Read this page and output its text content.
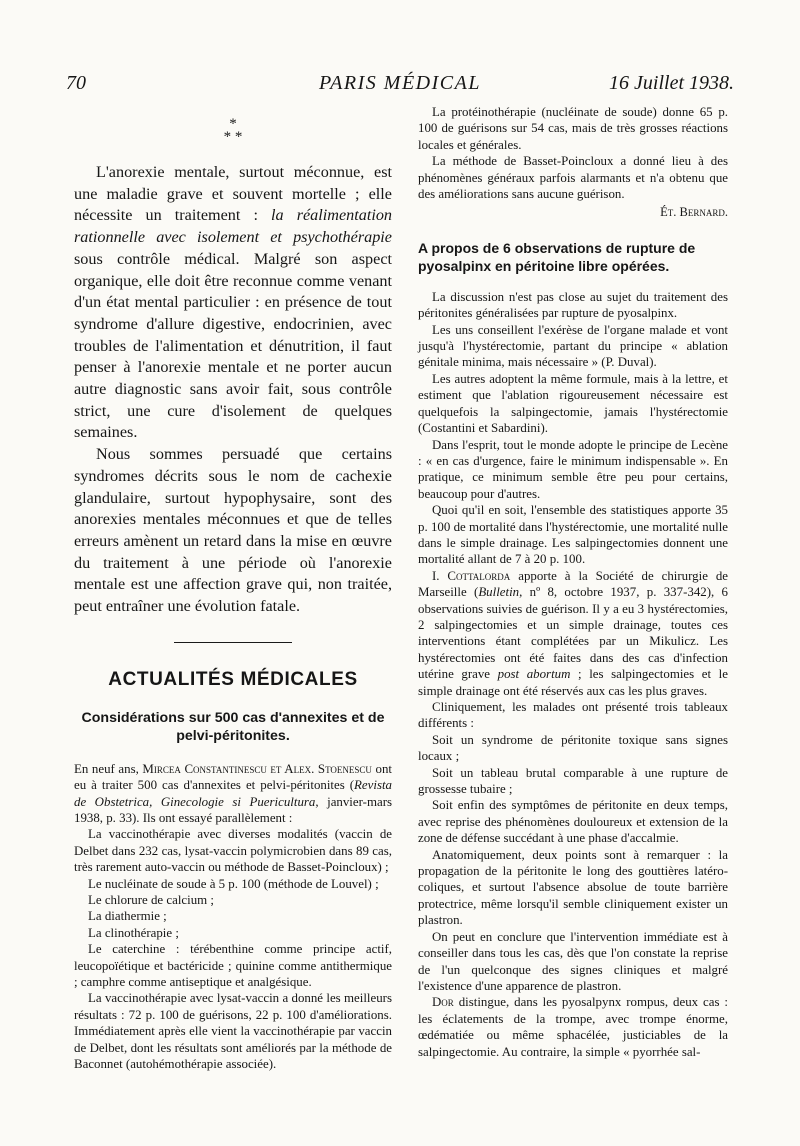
70	PARIS MÉDICAL	16 Juillet 1938.
*
* *

L'anorexie mentale, surtout méconnue, est une maladie grave et souvent mortelle ; elle nécessite un traitement : la réalimentation rationnelle avec isolement et psychothérapie sous contrôle médical. Malgré son aspect organique, elle doit être reconnue comme venant d'un état mental particulier : en présence de tout syndrome d'allure digestive, endocrinien, avec troubles de l'alimentation et dénutrition, il faut penser à l'anorexie mentale et ne porter aucun autre diagnostic sans avoir fait, sous contrôle strict, une cure d'isolement de quelques semaines.

Nous sommes persuadé que certains syndromes décrits sous le nom de cachexie glandulaire, surtout hypophysaire, sont des anorexies mentales méconnues et que de telles erreurs amènent un retard dans la mise en œuvre du traitement à une période où l'anorexie mentale est une affection grave qui, non traitée, peut entraîner une évolution fatale.

ACTUALITÉS MÉDICALES
Considérations sur 500 cas d'annexites et de pelvi-péritonites.

En neuf ans, Mircea Constantinescu et Alex. Stoenescu ont eu à traiter 500 cas d'annexites et pelvi-péritonites (Revista de Obstetrica, Ginecologie si Puericultura, janvier-mars 1938, p. 33). Ils ont essayé parallèlement :

La vaccinothérapie avec diverses modalités (vaccin de Delbet dans 232 cas, lysat-vaccin polymicrobien dans 89 cas, très rarement auto-vaccin ou méthode de Basset-Poincloux) ;

Le nucléinate de soude à 5 p. 100 (méthode de Louvel) ;

Le chlorure de calcium ;

La diathermie ;

La clinothérapie ;

Le caterchine : térébenthine comme principe actif, leucopoïétique et bactéricide ; quinine comme antithermique ; camphre comme antiseptique et analgésique.

La vaccinothérapie avec lysat-vaccin a donné les meilleurs résultats : 72 p. 100 de guérisons, 22 p. 100 d'améliorations. Immédiatement après elle vient la vaccinothérapie par vaccin de Delbet, dont les résultats sont améliorés par la méthode de Baconnet (autohémothérapie associée).

La protéinothérapie (nucléinate de soude) donne 65 p. 100 de guérisons sur 54 cas, mais de très grosses réactions locales et générales.

La méthode de Basset-Poincloux a donné lieu à des phénomènes généraux parfois alarmants et n'a obtenu que des améliorations sans aucune guérison.

Ét. Bernard.

A propos de 6 observations de rupture de pyosalpinx en péritoine libre opérées.

La discussion n'est pas close au sujet du traitement des péritonites généralisées par rupture de pyosalpinx.

Les uns conseillent l'exérèse de l'organe malade et vont jusqu'à l'hystérectomie, partant du principe « ablation génitale minima, mais nécessaire » (P. Duval).

Les autres adoptent la même formule, mais à la lettre, et estiment que l'ablation rigoureusement nécessaire est quelquefois la salpingectomie, jamais l'hystérectomie (Costantini et Sabardini).

Dans l'esprit, tout le monde adopte le principe de Lecène : « en cas d'urgence, faire le minimum indispensable ». En pratique, ce minimum semble être peu pour certains, beaucoup pour d'autres.

Quoi qu'il en soit, l'ensemble des statistiques apporte 35 p. 100 de mortalité dans l'hystérectomie, une mortalité nulle dans le simple drainage. Les salpingectomies donnent une mortalité allant de 7 à 20 p. 100.

I. Cottalorda apporte à la Société de chirurgie de Marseille (Bulletin, nº 8, octobre 1937, p. 337-342), 6 observations suivies de guérison. Il y a eu 3 hystérectomies, 2 salpingectomies et un simple drainage, toutes ces interventions étant complétées par un Mikulicz. Les hystérectomies ont été faites dans des cas d'infection utérine grave post abortum ; les salpingectomies et le simple drainage ont été réservés aux cas les plus graves.

Cliniquement, les malades ont présenté trois tableaux différents :

Soit un syndrome de péritonite toxique sans signes locaux ;

Soit un tableau brutal comparable à une rupture de grossesse tubaire ;

Soit enfin des symptômes de péritonite en deux temps, avec reprise des phénomènes douloureux et extension de la zone de défense succédant à une phase d'accalmie.

Anatomiquement, deux points sont à remarquer : la propagation de la péritonite le long des gouttières latéro-coliques, et surtout l'absence absolue de toute barrière protectrice, même lorsqu'il semble cliniquement exister un plastron.

On peut en conclure que l'intervention immédiate est à conseiller dans tous les cas, dès que l'on constate la reprise de l'un quelconque des signes cliniques et malgré l'existence d'une apparence de plastron.

Dor distingue, dans les pyosalpynx rompus, deux cas : les éclatements de la trompe, avec trompe énorme, œdématiée ou même sphacélée, justiciables de la salpingectomie. Au contraire, la simple « pyorrhée sal-
